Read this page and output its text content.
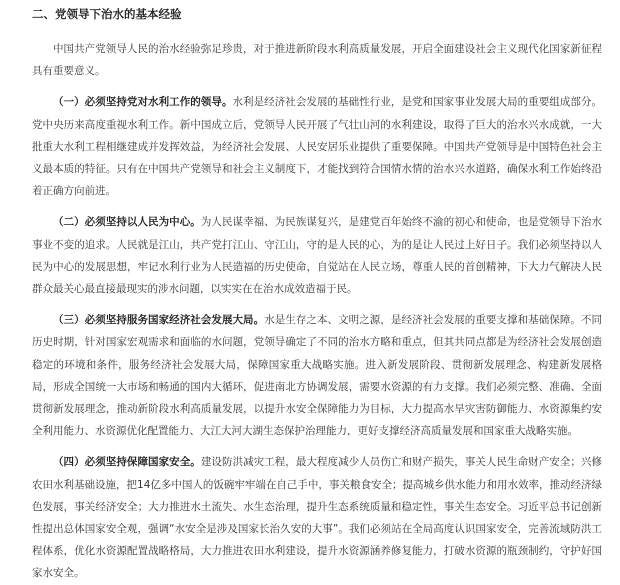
二、党领导下治水的基本经验

中国共产党领导人民的治水经验弥足珍贵，对于推进新阶段水利高质量发展，开启全面建设社会主义现代化国家新征程具有重要意义。

（一）必须坚持党对水利工作的领导。水利是经济社会发展的基础性行业，是党和国家事业发展大局的重要组成部分。党中央历来高度重视水利工作。新中国成立后，党领导人民开展了气壮山河的水利建设，取得了巨大的治水兴水成就，一大批重大水利工程相继建成并发挥效益，为经济社会发展、人民安居乐业提供了重要保障。中国共产党领导是中国特色社会主义最本质的特征。只有在中国共产党领导和社会主义制度下，才能找到符合国情水情的治水兴水道路，确保水利工作始终沿着正确方向前进。

（二）必须坚持以人民为中心。为人民谋幸福、为民族谋复兴，是建党百年始终不渝的初心和使命，也是党领导下治水事业不变的追求。人民就是江山，共产党打江山、守江山，守的是人民的心，为的是让人民过上好日子。我们必须坚持以人民为中心的发展思想，牢记水利行业为人民造福的历史使命，自觉站在人民立场，尊重人民的首创精神，下大力气解决人民群众最关心最直接最现实的涉水问题，以实实在在治水成效造福于民。

（三）必须坚持服务国家经济社会发展大局。水是生存之本、文明之源，是经济社会发展的重要支撑和基础保障。不同历史时期，针对国家宏观需求和面临的水问题，党领导确定了不同的治水方略和重点，但其共同点都是为经济社会发展创造稳定的环境和条件，服务经济社会发展大局，保障国家重大战略实施。进入新发展阶段、贯彻新发展理念、构建新发展格局，形成全国统一大市场和畅通的国内大循环，促进南北方协调发展，需要水资源的有力支撑。我们必须完整、准确、全面贯彻新发展理念，推动新阶段水利高质量发展，以提升水安全保障能力为目标，大力提高水旱灾害防御能力、水资源集约安全利用能力、水资源优化配置能力、大江大河大湖生态保护治理能力，更好支撑经济高质量发展和国家重大战略实施。

（四）必须坚持保障国家安全。建设防洪减灾工程，最大程度减少人员伤亡和财产损失，事关人民生命财产安全；兴修农田水利基础设施，把14亿多中国人的饭碗牢牢端在自己手中，事关粮食安全；提高城乡供水能力和用水效率，推动经济绿色发展，事关经济安全；大力推进水土流失、水生态治理，提升生态系统质量和稳定性，事关生态安全。习近平总书记创新性提出总体国家安全观，强调“水安全是涉及国家长治久安的大事”。我们必须站在全局高度认识国家安全，完善流域防洪工程体系，优化水资源配置战略格局，大力推进农田水利建设，提升水资源涵养修复能力，打破水资源的瓶颈制约，守护好国家水安全。
